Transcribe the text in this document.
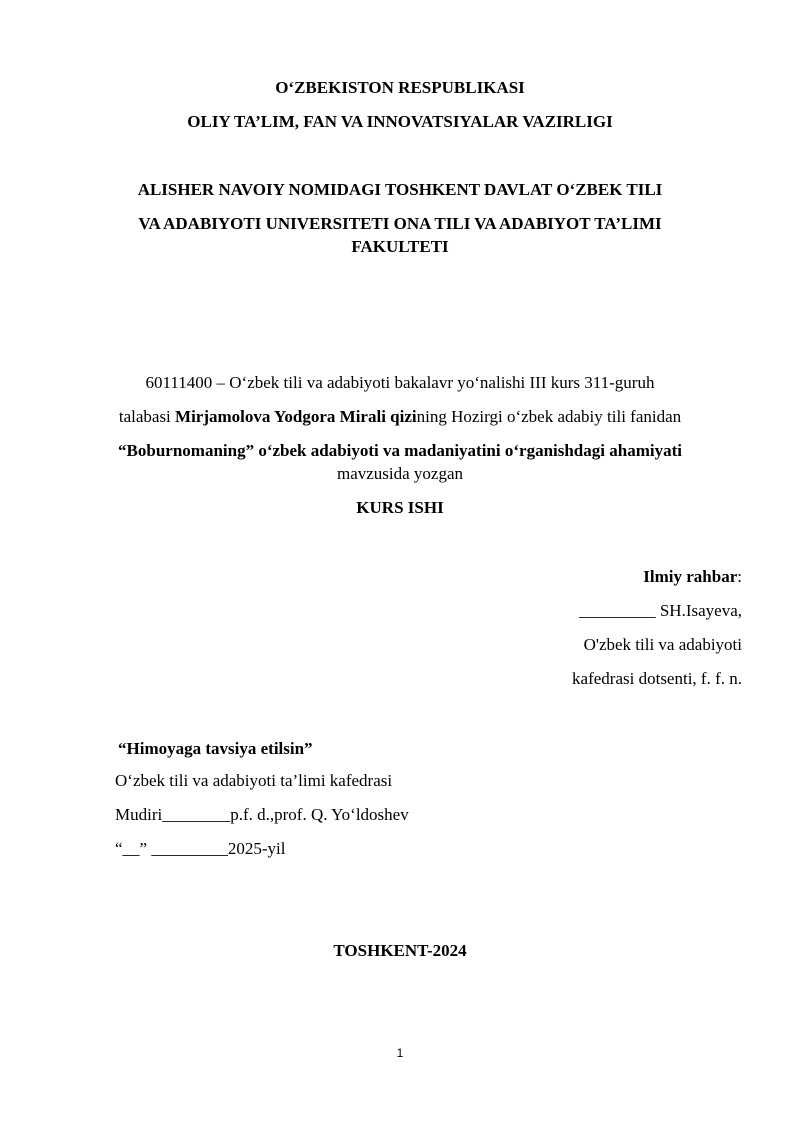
O‘ZBEKISTON RESPUBLIKASI
OLIY TA’LIM, FAN VA INNOVATSIYALAR VAZIRLIGI
ALISHER NAVOIY NOMIDAGI TOSHKENT DAVLAT O‘ZBEK TILI
VA ADABIYOTI UNIVERSITETI ONA TILI VA ADABIYOT TA’LIMI
FAKULTETI
60111400 – O‘zbek tili va adabiyoti bakalavr yo‘nalishi III kurs 311-guruh
talabasi Mirjamolova Yodgora Mirali qizining Hozirgi o‘zbek adabiy tili fanidan
“Boburnomaning” o‘zbek adabiyoti va madaniyatini o‘rganishdagi ahamiyati
mavzusida yozgan
KURS ISHI
Ilmiy rahbar:
_________ SH.Isayeva,
O'zbek tili va adabiyoti
kafedrasi dotsenti, f. f. n.
“Himoyaga tavsiya etilsin”
O‘zbek tili va adabiyoti ta’limi kafedrasi
Mudiri________p.f. d.,prof. Q. Yo‘ldoshev
“__” _________2025-yil
TOSHKENT-2024
1
